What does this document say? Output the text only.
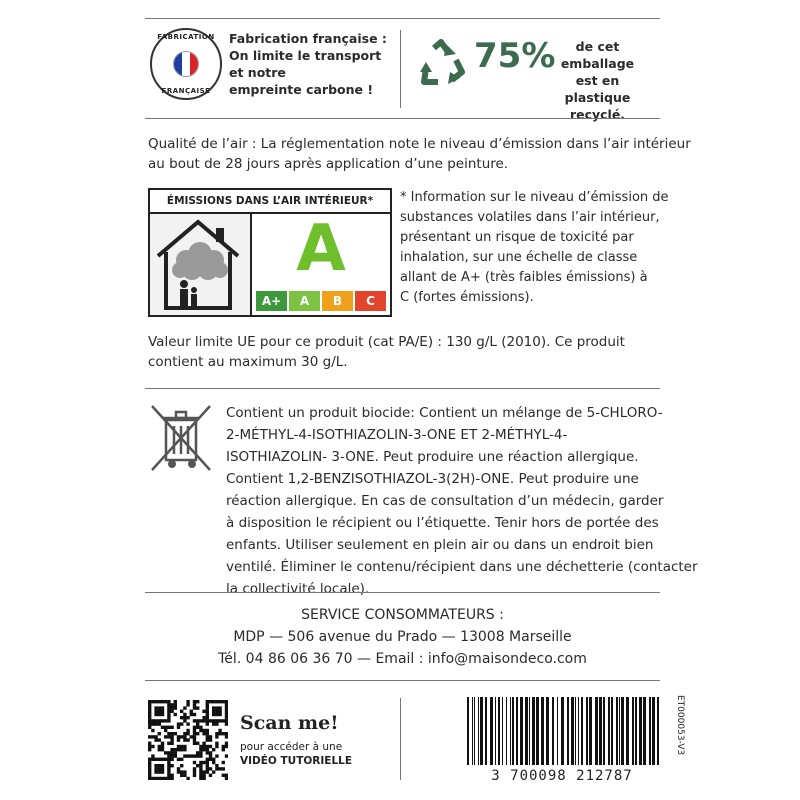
FABRICATION
FRANÇAISE
Fabrication française :
On limite le transport
et notre
empreinte carbone !
75%	de cet emballage
est en
plastique recyclé.
Qualité de l’air : La réglementation note le niveau d’émission dans l’air intérieur
au bout de 28 jours après application d’une peinture.
ÉMISSIONS DANS L’AIR INTÉRIEUR*
A
A+	A	B	C
* Information sur le niveau d’émission de
substances volatiles dans l’air intérieur,
présentant un risque de toxicité par
inhalation, sur une échelle de classe
allant de A+ (très faibles émissions) à
C (fortes émissions).
Valeur limite UE pour ce produit (cat PA/E) : 130 g/L (2010). Ce produit
contient au maximum 30 g/L.
Contient un produit biocide: Contient un mélange de 5-CHLORO-
2-MÉTHYL-4-ISOTHIAZOLIN-3-ONE ET 2-MÉTHYL-4-
ISOTHIAZOLIN- 3-ONE. Peut produire une réaction allergique.
Contient 1,2-BENZISOTHIAZOL-3(2H)-ONE. Peut produire une
réaction allergique. En cas de consultation d’un médecin, garder
à disposition le récipient ou l’étiquette. Tenir hors de portée des
enfants. Utiliser seulement en plein air ou dans un endroit bien
ventilé. Éliminer le contenu/récipient dans une déchetterie (contacter
la collectivité locale).
SERVICE CONSOMMATEURS :
MDP — 506 avenue du Prado — 13008 Marseille
Tél. 04 86 06 36 70 — Email : info@maisondeco.com
Scan me!
pour accéder à une
VIDÉO TUTORIELLE
3 700098 212787
ET000053-V3
